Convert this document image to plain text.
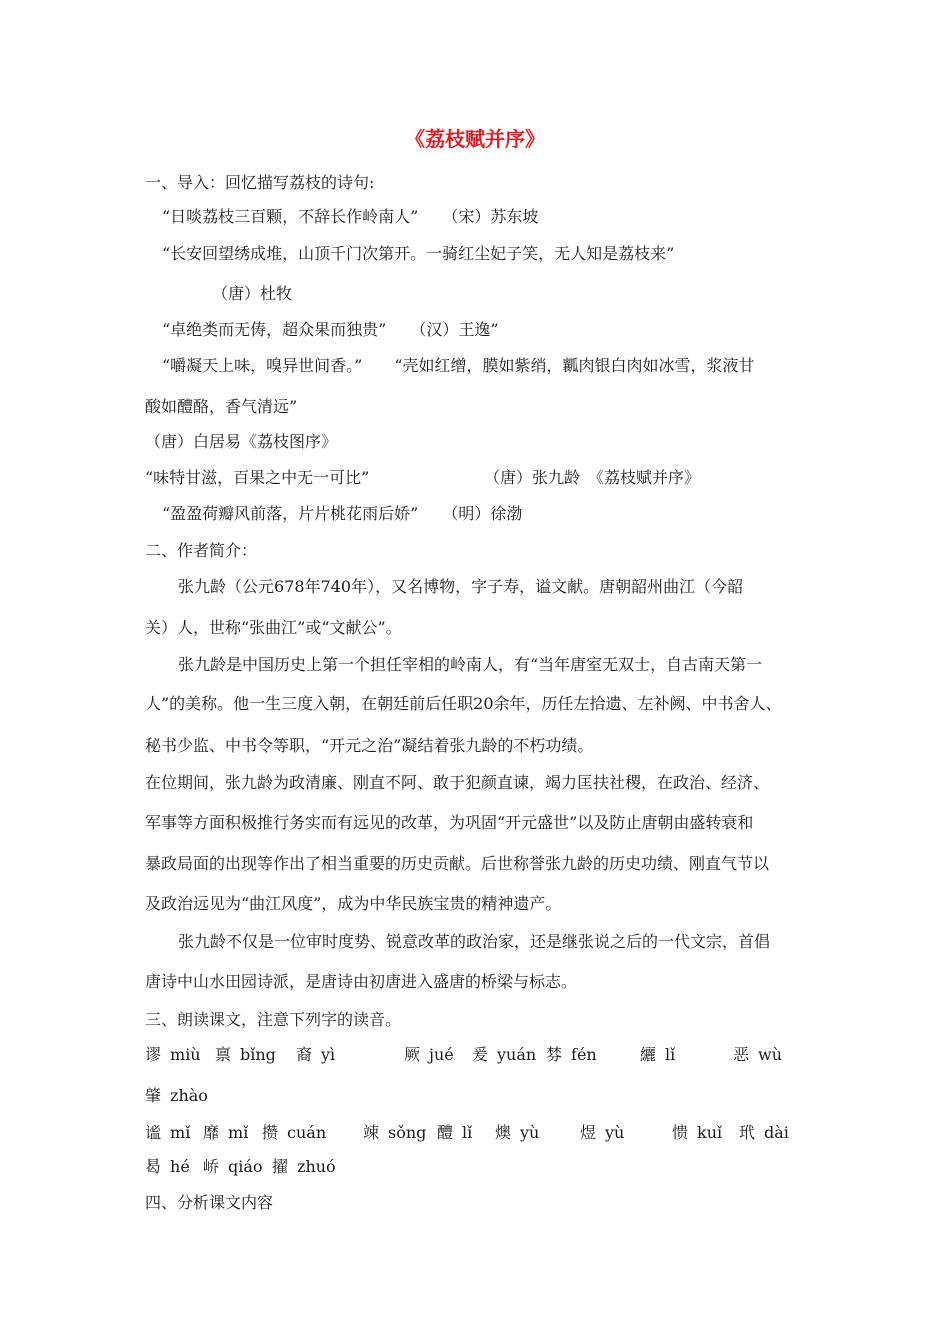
《荔枝赋并序》
一、导入：回忆描写荔枝的诗句:
“日啖荔枝三百颗，不辞长作岭南人”　　（宋）苏东坡
“长安回望绣成堆，山顶千门次第开。一骑红尘妃子笑，无人知是荔枝来”
（唐）杜牧
“卓绝类而无俦，超众果而独贵”　　（汉）王逸”
“嚼凝天上味，嗅异世间香。”　　“壳如红缯，膜如紫绡，瓤肉银白肉如冰雪，浆液甘
酸如醴酪，香气清远”
（唐）白居易《荔枝图序》
“味特甘滋，百果之中无一可比”	（唐）张九龄　《荔枝赋并序》
“盈盈荷瓣风前落，片片桃花雨后娇”　　（明）徐渤
二、作者简介：
张九龄（公元678年740年），又名博物，字子寿，谥文献。唐朝韶州曲江（今韶
关）人，世称“张曲江”或“文献公”。
张九龄是中国历史上第一个担任宰相的岭南人，有“当年唐室无双士，自古南天第一
人”的美称。他一生三度入朝，在朝廷前后任职20余年，历任左拾遗、左补阙、中书舍人、
秘书少监、中书令等职，“开元之治”凝结着张九龄的不朽功绩。
在位期间，张九龄为政清廉、刚直不阿、敢于犯颜直谏，竭力匡扶社稷，在政治、经济、
军事等方面积极推行务实而有远见的改革，为巩固“开元盛世”以及防止唐朝由盛转衰和
暴政局面的出现等作出了相当重要的历史贡献。后世称誉张九龄的历史功绩、刚直气节以
及政治远见为“曲江风度”，成为中华民族宝贵的精神遗产。
张九龄不仅是一位审时度势、锐意改革的政治家，还是继张说之后的一代文宗，首倡
唐诗中山水田园诗派，是唐诗由初唐进入盛唐的桥梁与标志。
三、朗读课文，注意下列字的读音。
谬 miù 禀 bǐng 裔 yì	厥 jué 爰 yuán 棼 fén	纚 lǐ	恶 wù
肇 zhào
谧 mǐ 靡 mǐ 攒 cuán 竦 sǒng 醴 lǐ 燠 yù	煜 yù	愦 kuǐ 玳 dài
曷 hé 峤 qiáo 擢 zhuó
四、分析课文内容
